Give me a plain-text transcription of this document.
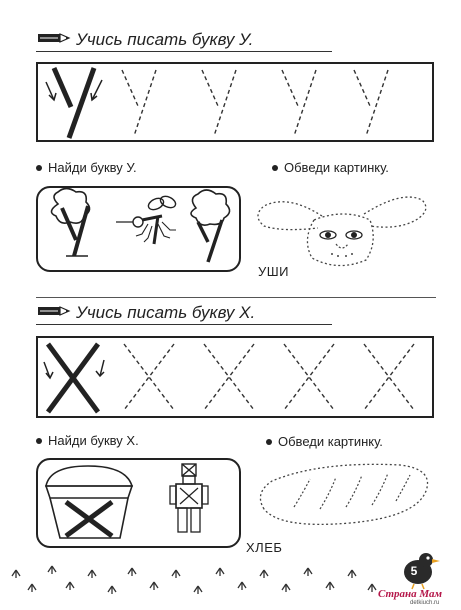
Учись писать букву У.
Найди букву У.	Обведи картинку.
УШИ
Учись писать букву Х.
Найди букву Х.	Обведи картинку.
ХЛЕБ
5
Страна Мам
detkiuch.ru
